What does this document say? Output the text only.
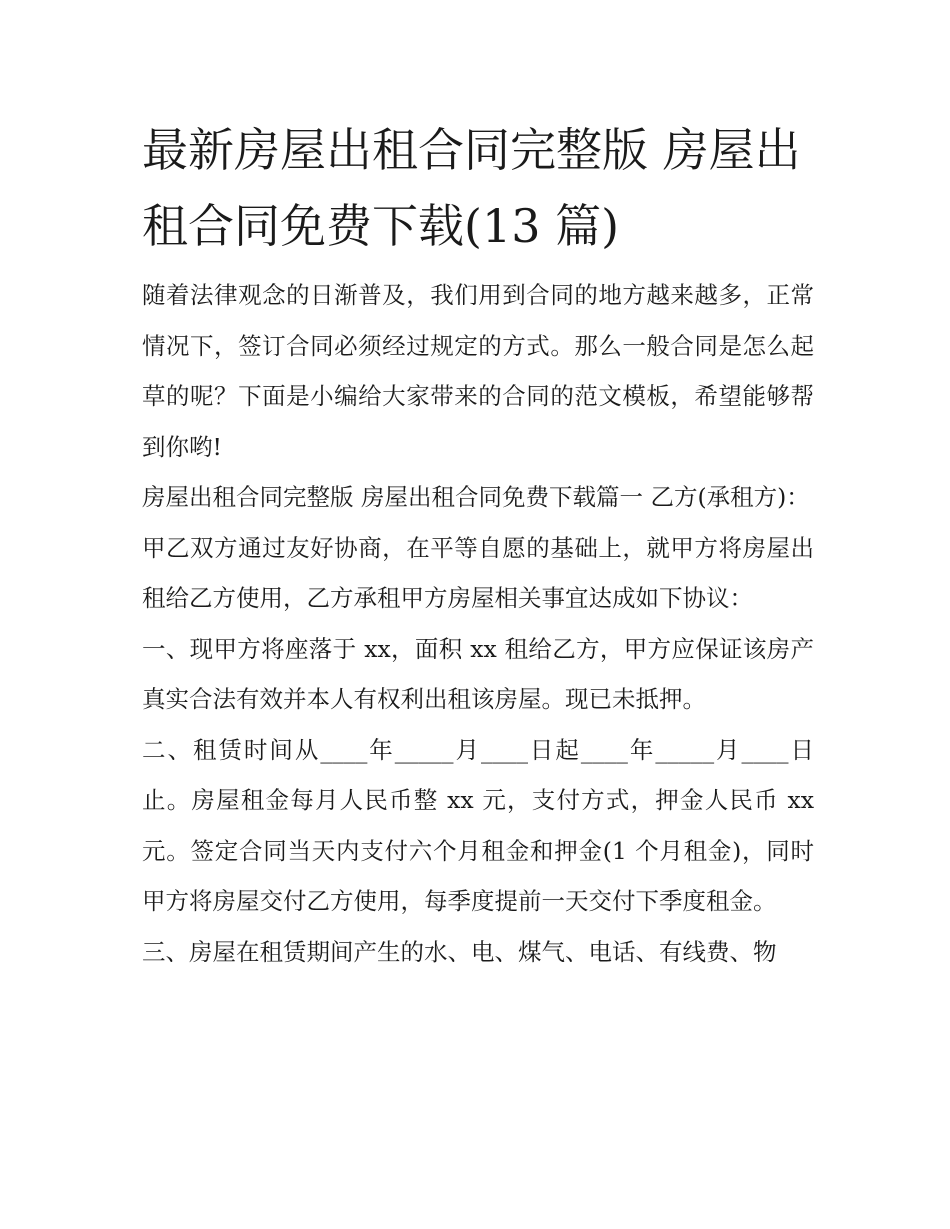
最新房屋出租合同完整版 房屋出租合同免费下载(13 篇)

随着法律观念的日渐普及，我们用到合同的地方越来越多，正常情况下，签订合同必须经过规定的方式。那么一般合同是怎么起草的呢？下面是小编给大家带来的合同的范文模板，希望能够帮到你哟!

房屋出租合同完整版 房屋出租合同免费下载篇一 乙方(承租方)：

甲乙双方通过友好协商，在平等自愿的基础上，就甲方将房屋出租给乙方使用，乙方承租甲方房屋相关事宜达成如下协议：

一、现甲方将座落于 xx，面积 xx 租给乙方，甲方应保证该房产真实合法有效并本人有权利出租该房屋。现已未抵押。

二、租赁时间从____年_____月____日起____年_____月____日止。房屋租金每月人民币整 xx 元，支付方式，押金人民币 xx 元。签定合同当天内支付六个月租金和押金(1 个月租金)，同时甲方将房屋交付乙方使用，每季度提前一天交付下季度租金。

三、房屋在租赁期间产生的水、电、煤气、电话、有线费、物
